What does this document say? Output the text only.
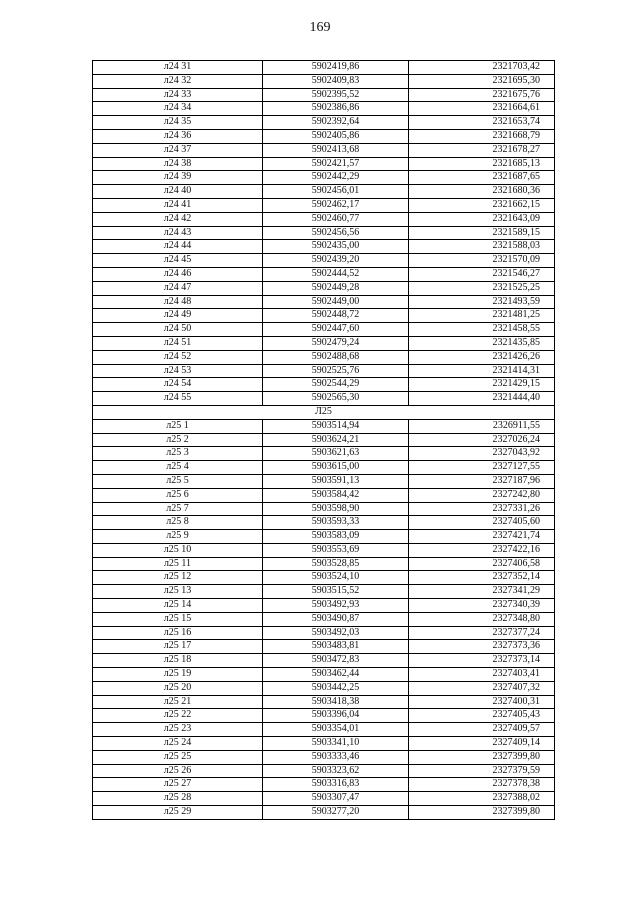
169
л24 31	5902419,86	2321703,42
л24 32	5902409,83	2321695,30
л24 33	5902395,52	2321675,76
л24 34	5902386,86	2321664,61
л24 35	5902392,64	2321653,74
л24 36	5902405,86	2321668,79
л24 37	5902413,68	2321678,27
л24 38	5902421,57	2321685,13
л24 39	5902442,29	2321687,65
л24 40	5902456,01	2321680,36
л24 41	5902462,17	2321662,15
л24 42	5902460,77	2321643,09
л24 43	5902456,56	2321589,15
л24 44	5902435,00	2321588,03
л24 45	5902439,20	2321570,09
л24 46	5902444,52	2321546,27
л24 47	5902449,28	2321525,25
л24 48	5902449,00	2321493,59
л24 49	5902448,72	2321481,25
л24 50	5902447,60	2321458,55
л24 51	5902479,24	2321435,85
л24 52	5902488,68	2321426,26
л24 53	5902525,76	2321414,31
л24 54	5902544,29	2321429,15
л24 55	5902565,30	2321444,40
Л25		
л25 1	5903514,94	2326911,55
л25 2	5903624,21	2327026,24
л25 3	5903621,63	2327043,92
л25 4	5903615,00	2327127,55
л25 5	5903591,13	2327187,96
л25 6	5903584,42	2327242,80
л25 7	5903598,90	2327331,26
л25 8	5903593,33	2327405,60
л25 9	5903583,09	2327421,74
л25 10	5903553,69	2327422,16
л25 11	5903528,85	2327406,58
л25 12	5903524,10	2327352,14
л25 13	5903515,52	2327341,29
л25 14	5903492,93	2327340,39
л25 15	5903490,87	2327348,80
л25 16	5903492,03	2327377,24
л25 17	5903483,81	2327373,36
л25 18	5903472,83	2327373,14
л25 19	5903462,44	2327403,41
л25 20	5903442,25	2327407,32
л25 21	5903418,38	2327400,31
л25 22	5903396,04	2327405,43
л25 23	5903354,01	2327409,57
л25 24	5903341,10	2327409,14
л25 25	5903333,46	2327399,80
л25 26	5903323,62	2327379,59
л25 27	5903316,83	2327378,38
л25 28	5903307,47	2327388,02
л25 29	5903277,20	2327399,80
